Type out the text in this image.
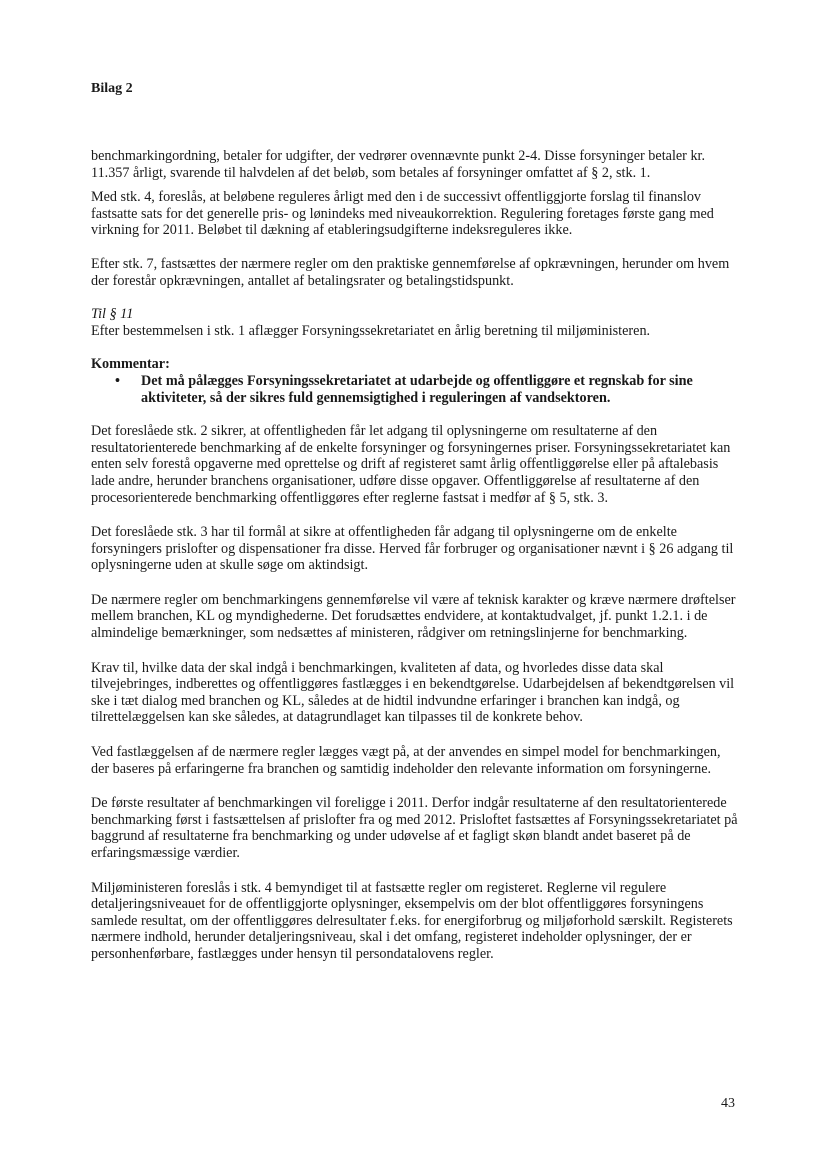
Bilag 2

benchmarkingordning, betaler for udgifter, der vedrører ovennævnte punkt 2-4. Disse forsyninger betaler kr. 11.357 årligt, svarende til halvdelen af det beløb, som betales af forsyninger omfattet af § 2, stk. 1.

Med stk. 4, foreslås, at beløbene reguleres årligt med den i de successivt offentliggjorte forslag til finanslov fastsatte sats for det generelle pris- og lønindeks med niveaukorrektion. Regulering foretages første gang med virkning for 2011. Beløbet til dækning af etableringsudgifterne indeksreguleres ikke.

Efter stk. 7, fastsættes der nærmere regler om den praktiske gennemførelse af opkrævningen, herunder om hvem der forestår opkrævningen, antallet af betalingsrater og betalingstidspunkt.

Til § 11

Efter bestemmelsen i stk. 1 aflægger Forsyningssekretariatet en årlig beretning til miljøministeren.

Kommentar:

•	Det må pålægges Forsyningssekretariatet at udarbejde og offentliggøre et regnskab for sine aktiviteter, så der sikres fuld gennemsigtighed i reguleringen af vandsektoren.

Det foreslåede stk. 2 sikrer, at offentligheden får let adgang til oplysningerne om resultaterne af den resultatorienterede benchmarking af de enkelte forsyninger og forsyningernes priser. Forsyningssekretariatet kan enten selv forestå opgaverne med oprettelse og drift af registeret samt årlig offentliggørelse eller på aftalebasis lade andre, herunder branchens organisationer, udføre disse opgaver. Offentliggørelse af resultaterne af den procesorienterede benchmarking offentliggøres efter reglerne fastsat i medfør af § 5, stk. 3.

Det foreslåede stk. 3 har til formål at sikre at offentligheden får adgang til oplysningerne om de enkelte forsyningers prislofter og dispensationer fra disse. Herved får forbruger og organisationer nævnt i § 26 adgang til oplysningerne uden at skulle søge om aktindsigt.

De nærmere regler om benchmarkingens gennemførelse vil være af teknisk karakter og kræve nærmere drøftelser mellem branchen, KL og myndighederne. Det forudsættes endvidere, at kontaktudvalget, jf. punkt 1.2.1. i de almindelige bemærkninger, som nedsættes af ministeren, rådgiver om retningslinjerne for benchmarking.

Krav til, hvilke data der skal indgå i benchmarkingen, kvaliteten af data, og hvorledes disse data skal tilvejebringes, indberettes og offentliggøres fastlægges i en bekendtgørelse. Udarbejdelsen af bekendtgørelsen vil ske i tæt dialog med branchen og KL, således at de hidtil indvundne erfaringer i branchen kan indgå, og tilrettelæggelsen kan ske således, at datagrundlaget kan tilpasses til de konkrete behov.

Ved fastlæggelsen af de nærmere regler lægges vægt på, at der anvendes en simpel model for benchmarkingen, der baseres på erfaringerne fra branchen og samtidig indeholder den relevante information om forsyningerne.

De første resultater af benchmarkingen vil foreligge i 2011. Derfor indgår resultaterne af den resultatorienterede benchmarking først i fastsættelsen af prislofter fra og med 2012. Prisloftet fastsættes af Forsyningssekretariatet på baggrund af resultaterne fra benchmarking og under udøvelse af et fagligt skøn blandt andet baseret på de erfaringsmæssige værdier.

Miljøministeren foreslås i stk. 4 bemyndiget til at fastsætte regler om registeret. Reglerne vil regulere detaljeringsniveauet for de offentliggjorte oplysninger, eksempelvis om der blot offentliggøres forsyningens samlede resultat, om der offentliggøres delresultater f.eks. for energiforbrug og miljøforhold særskilt. Registerets nærmere indhold, herunder detaljeringsniveau, skal i det omfang, registeret indeholder oplysninger, der er personhenførbare, fastlægges under hensyn til persondatalovens regler.

43
